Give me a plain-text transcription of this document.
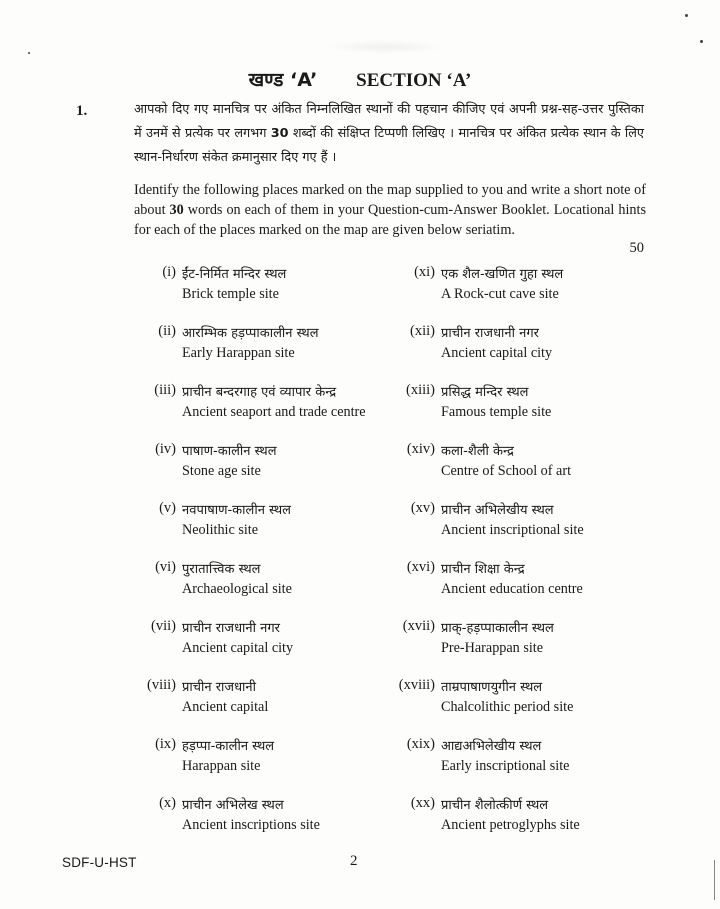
खण्ड ‘A’ SECTION ‘A’
1.	आपको दिए गए मानचित्र पर अंकित निम्नलिखित स्थानों की पहचान कीजिए एवं अपनी प्रश्न-सह-उत्तर पुस्तिका में उनमें से प्रत्येक पर लगभग 30 शब्दों की संक्षिप्त टिप्पणी लिखिए । मानचित्र पर अंकित प्रत्येक स्थान के लिए स्थान-निर्धारण संकेत क्रमानुसार दिए गए हैं ।
Identify the following places marked on the map supplied to you and write a short note of about 30 words on each of them in your Question-cum-Answer Booklet. Locational hints for each of the places marked on the map are given below seriatim.
50
(i) ईंट-निर्मित मन्दिर स्थल
Brick temple site
(xi) एक शैल-खणित गुहा स्थल
A Rock-cut cave site
(ii) आरम्भिक हड़प्पाकालीन स्थल
Early Harappan site
(xii) प्राचीन राजधानी नगर
Ancient capital city
(iii) प्राचीन बन्दरगाह एवं व्यापार केन्द्र
Ancient seaport and trade centre
(xiii) प्रसिद्ध मन्दिर स्थल
Famous temple site
(iv) पाषाण-कालीन स्थल
Stone age site
(xiv) कला-शैली केन्द्र
Centre of School of art
(v) नवपाषाण-कालीन स्थल
Neolithic site
(xv) प्राचीन अभिलेखीय स्थल
Ancient inscriptional site
(vi) पुरातात्त्विक स्थल
Archaeological site
(xvi) प्राचीन शिक्षा केन्द्र
Ancient education centre
(vii) प्राचीन राजधानी नगर
Ancient capital city
(xvii) प्राक्-हड़प्पाकालीन स्थल
Pre-Harappan site
(viii) प्राचीन राजधानी
Ancient capital
(xviii) ताम्रपाषाणयुगीन स्थल
Chalcolithic period site
(ix) हड़प्पा-कालीन स्थल
Harappan site
(xix) आद्यअभिलेखीय स्थल
Early inscriptional site
(x) प्राचीन अभिलेख स्थल
Ancient inscriptions site
(xx) प्राचीन शैलोत्कीर्ण स्थल
Ancient petroglyphs site
SDF-U-HST	2
